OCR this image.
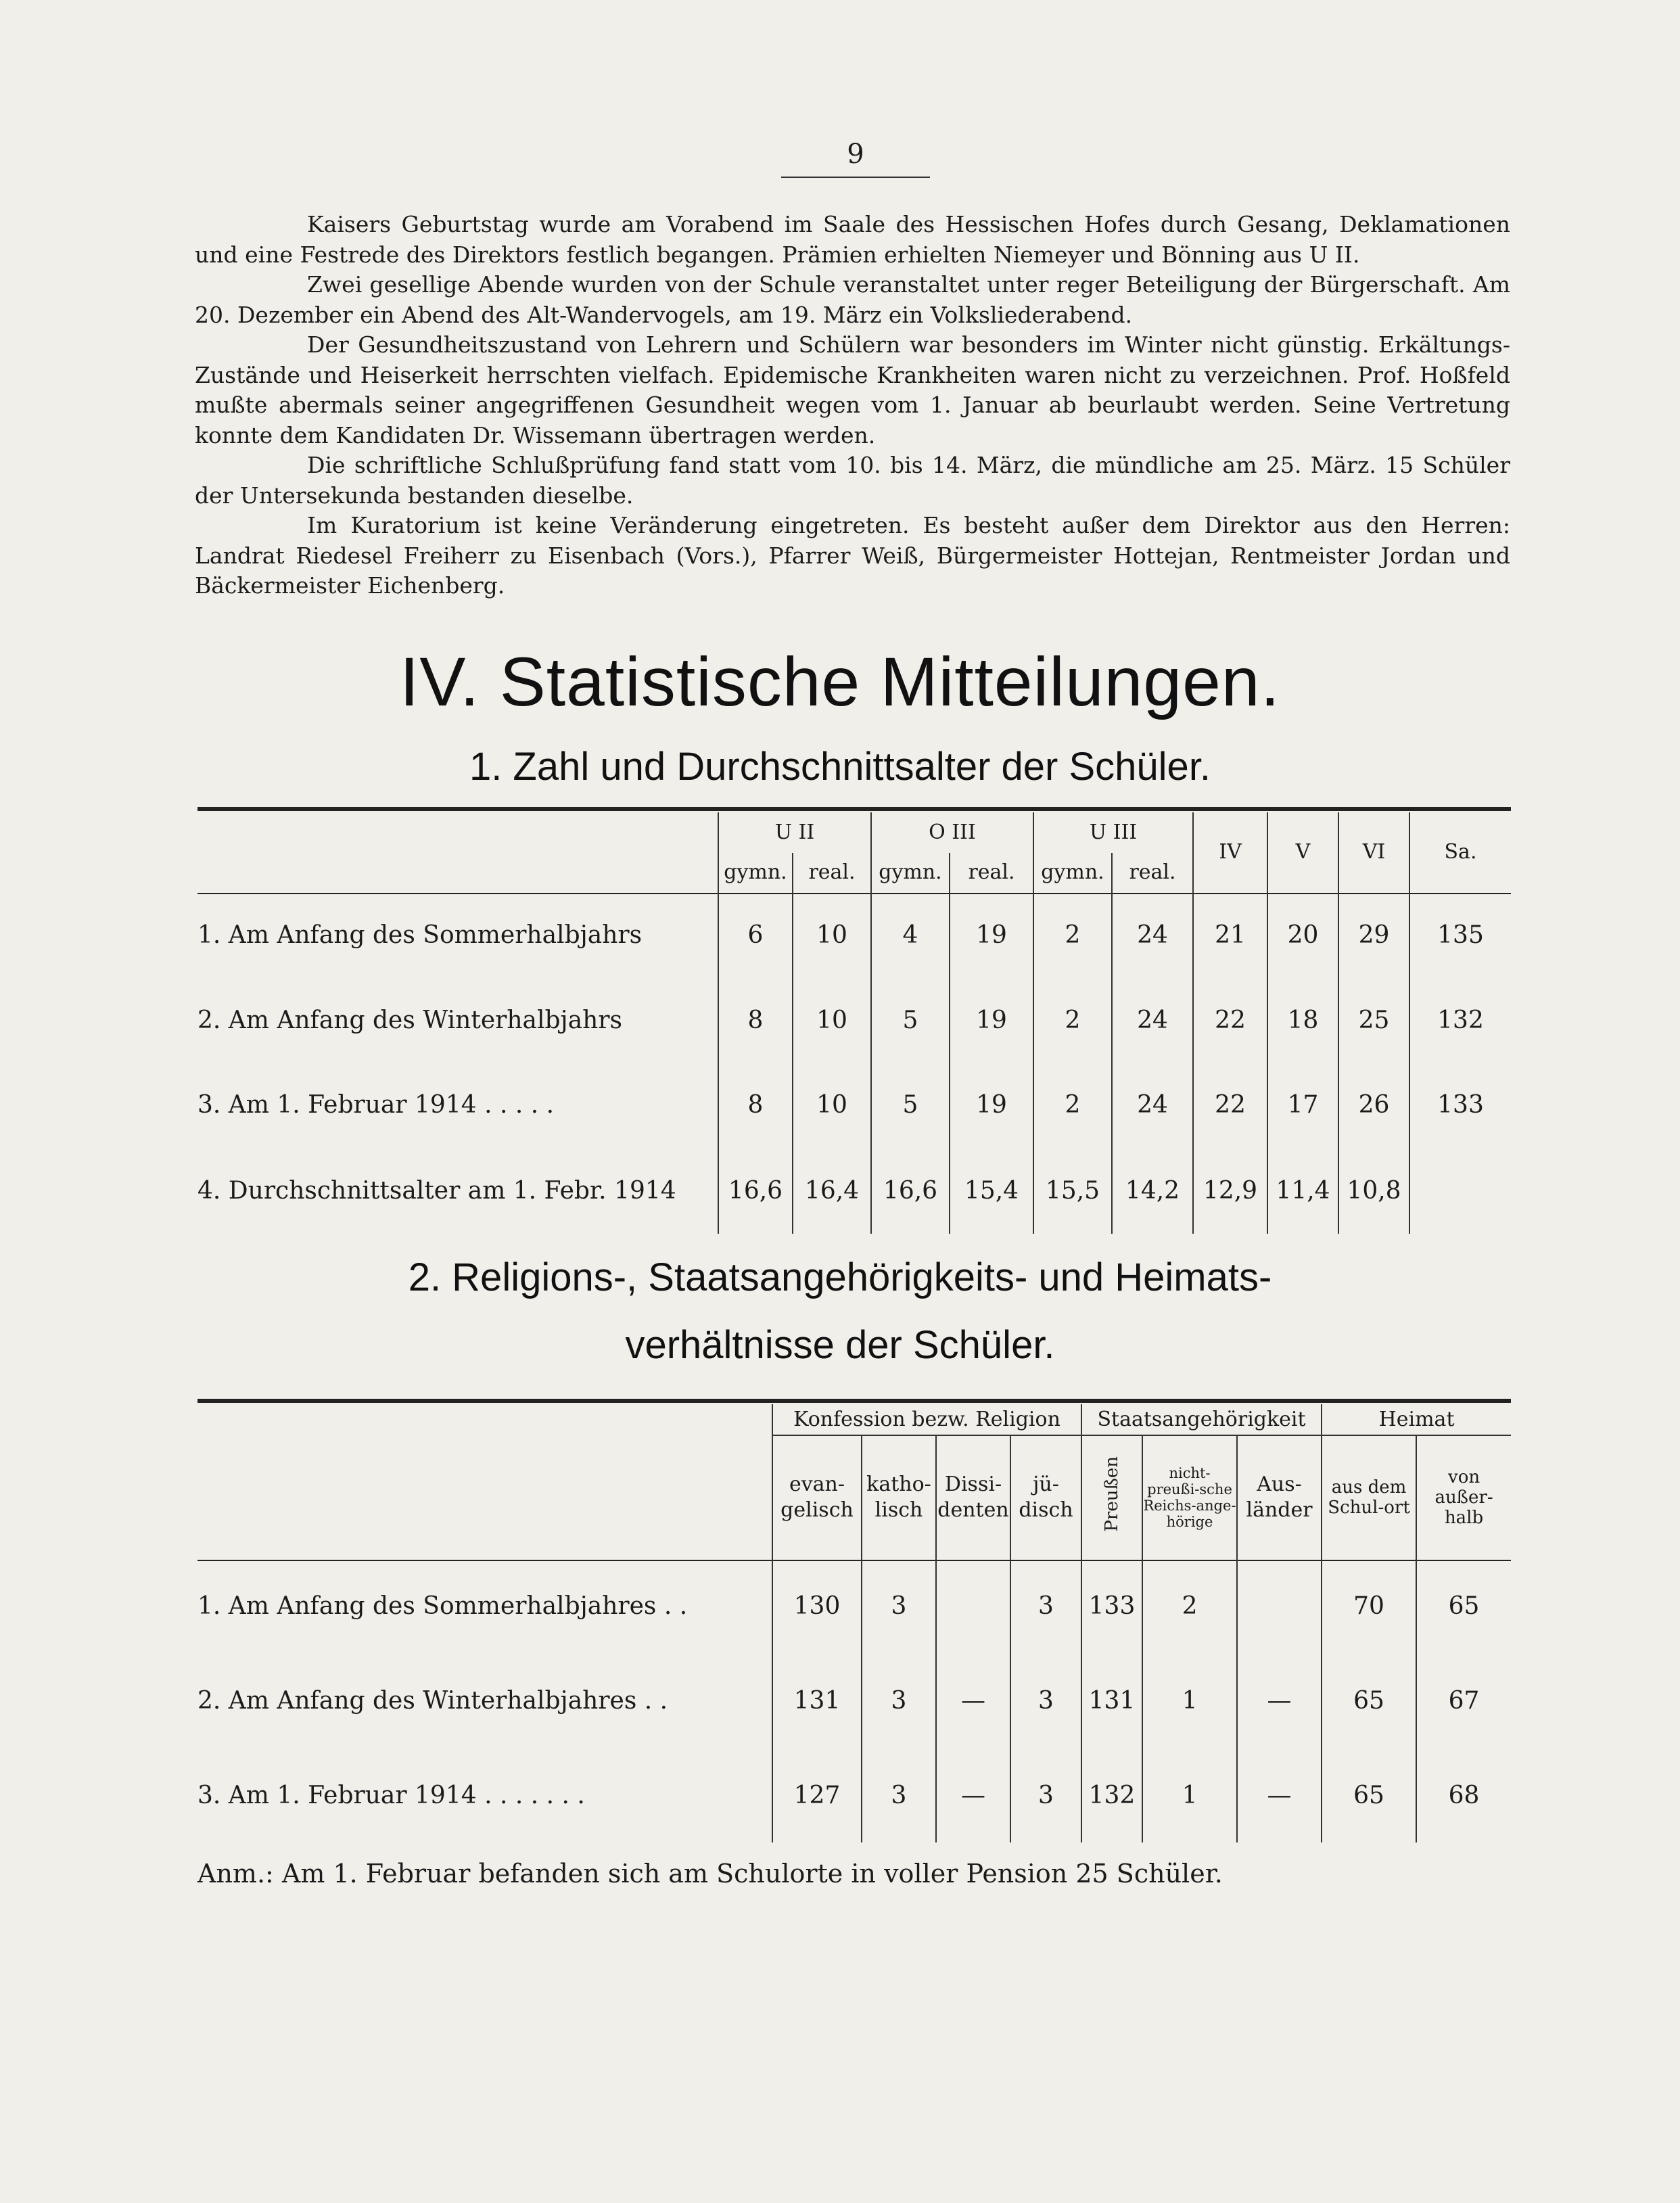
9

Kaisers Geburtstag wurde am Vorabend im Saale des Hessischen Hofes durch Gesang, Deklamationen und eine Festrede des Direktors festlich begangen. Prämien erhielten Niemeyer und Bönning aus U II.

Zwei gesellige Abende wurden von der Schule veranstaltet unter reger Beteiligung der Bürgerschaft. Am 20. Dezember ein Abend des Alt-Wandervogels, am 19. März ein Volksliederabend.

Der Gesundheitszustand von Lehrern und Schülern war besonders im Winter nicht günstig. Erkältungs-Zustände und Heiserkeit herrschten vielfach. Epidemische Krankheiten waren nicht zu verzeichnen. Prof. Hoßfeld mußte abermals seiner angegriffenen Gesundheit wegen vom 1. Januar ab beurlaubt werden. Seine Vertretung konnte dem Kandidaten Dr. Wissemann übertragen werden.

Die schriftliche Schlußprüfung fand statt vom 10. bis 14. März, die mündliche am 25. März. 15 Schüler der Untersekunda bestanden dieselbe.

Im Kuratorium ist keine Veränderung eingetreten. Es besteht außer dem Direktor aus den Herren: Landrat Riedesel Freiherr zu Eisenbach (Vors.), Pfarrer Weiß, Bürgermeister Hottejan, Rentmeister Jordan und Bäckermeister Eichenberg.

IV. Statistische Mitteilungen.
1. Zahl und Durchschnittsalter der Schüler.
	U II		O III		U III		IV	V	VI	Sa.
	gymn.	real.	gymn.	real.	gymn.	real.				
1. Am Anfang des Sommerhalbjahrs	6	10	4	19	2	24	21	20	29	135
2. Am Anfang des Winterhalbjahrs	8	10	5	19	2	24	22	18	25	132
3. Am 1. Februar 1914 . . . . .	8	10	5	19	2	24	22	17	26	133
4. Durchschnittsalter am 1. Febr. 1914	16,6	16,4	16,6	15,4	15,5	14,2	12,9	11,4	10,8	
2. Religions-, Staatsangehörigkeits- und Heimats-
verhältnisse der Schüler.
	Konfession bezw. Religion				Staatsangehörigkeit			Heimat	
	evan-gelisch	katho-lisch	Dissi-denten	jü-disch	Preußen	nicht-preußi-sche Reichs-ange-hörige	Aus-länder	aus dem Schul-ort	von außer-halb
1. Am Anfang des Sommerhalbjahres . .	130	3		3	133	2		70	65
2. Am Anfang des Winterhalbjahres . .	131	3	—	3	131	1	—	65	67
3. Am 1. Februar 1914 . . . . . . .	127	3	—	3	132	1	—	65	68
Anm.: Am 1. Februar befanden sich am Schulorte in voller Pension 25 Schüler.
